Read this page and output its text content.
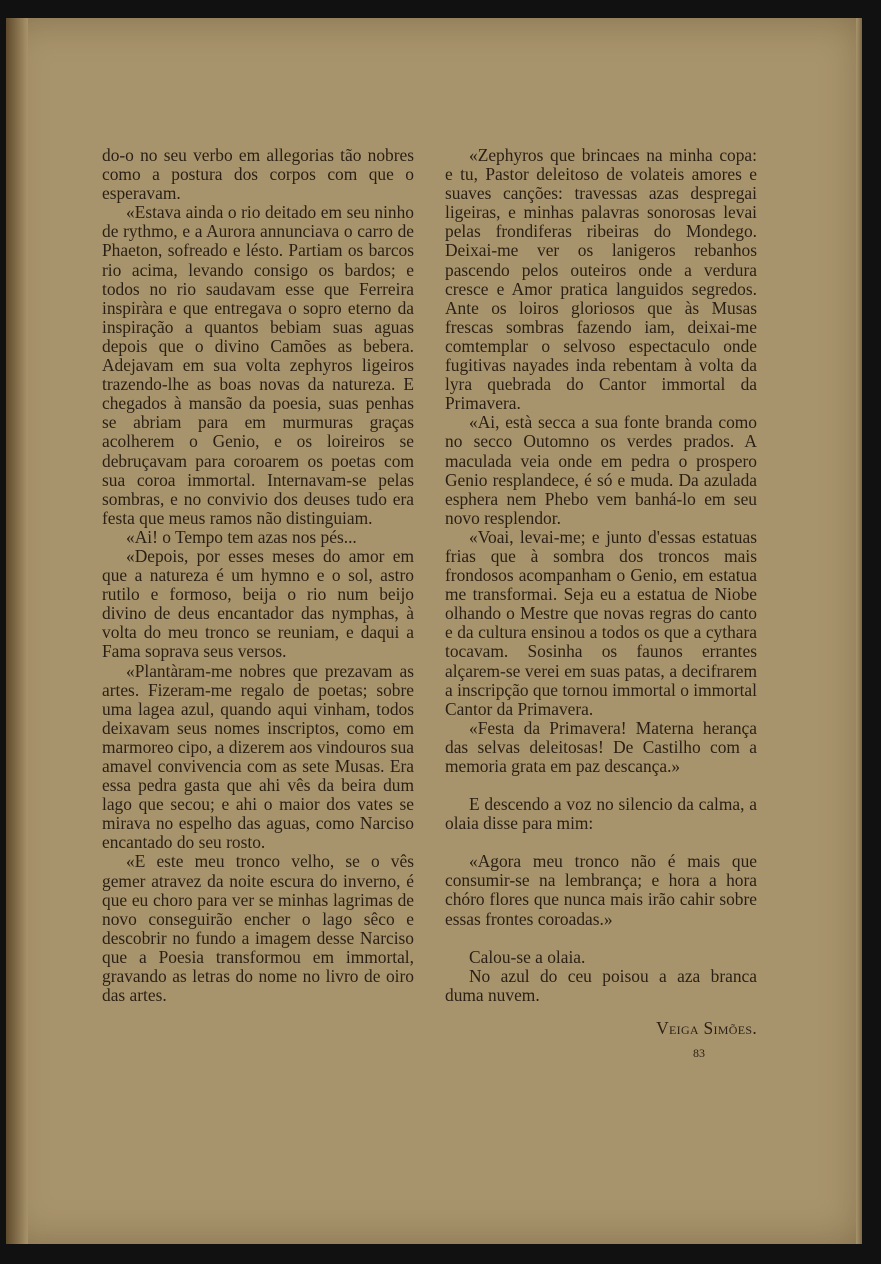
do-o no seu verbo em allegorias tão nobres como a postura dos corpos com que o esperavam.

«Estava ainda o rio deitado em seu ninho de rythmo, e a Aurora annunciava o carro de Phaeton, sofreado e lésto. Partiam os barcos rio acima, levando consigo os bardos; e todos no rio saudavam esse que Ferreira inspiràra e que entregava o sopro eterno da inspiração a quantos bebiam suas aguas depois que o divino Camões as bebera. Adejavam em sua volta zephyros ligeiros trazendo-lhe as boas novas da natureza. E chegados à mansão da poesia, suas penhas se abriam para em murmuras graças acolherem o Genio, e os loireiros se debruçavam para coroarem os poetas com sua coroa immortal. Internavam-se pelas sombras, e no convivio dos deuses tudo era festa que meus ramos não distinguiam.

«Ai! o Tempo tem azas nos pés...

«Depois, por esses meses do amor em que a natureza é um hymno e o sol, astro rutilo e formoso, beija o rio num beijo divino de deus encantador das nymphas, à volta do meu tronco se reuniam, e daqui a Fama soprava seus versos.

«Plantàram-me nobres que prezavam as artes. Fizeram-me regalo de poetas; sobre uma lagea azul, quando aqui vinham, todos deixavam seus nomes inscriptos, como em marmoreo cipo, a dizerem aos vindouros sua amavel convivencia com as sete Musas. Era essa pedra gasta que ahi vês da beira dum lago que secou; e ahi o maior dos vates se mirava no espelho das aguas, como Narciso encantado do seu rosto.

«E este meu tronco velho, se o vês gemer atravez da noite escura do inverno, é que eu choro para ver se minhas lagrimas de novo conseguirão encher o lago sêco e descobrir no fundo a imagem desse Narciso que a Poesia transformou em immortal, gravando as letras do nome no livro de oiro das artes.

«Zephyros que brincaes na minha copa: e tu, Pastor deleitoso de volateis amores e suaves canções: travessas azas despregai ligeiras, e minhas palavras sonorosas levai pelas frondiferas ribeiras do Mondego. Deixai-me ver os lanigeros rebanhos pascendo pelos outeiros onde a verdura cresce e Amor pratica languidos segredos. Ante os loiros gloriosos que às Musas frescas sombras fazendo iam, deixai-me comtemplar o selvoso espectaculo onde fugitivas nayades inda rebentam à volta da lyra quebrada do Cantor immortal da Primavera.

«Ai, està secca a sua fonte branda como no secco Outomno os verdes prados. A maculada veia onde em pedra o prospero Genio resplandece, é só e muda. Da azulada esphera nem Phebo vem banhá-lo em seu novo resplendor.

«Voai, levai-me; e junto d'essas estatuas frias que à sombra dos troncos mais frondosos acompanham o Genio, em estatua me transformai. Seja eu a estatua de Niobe olhando o Mestre que novas regras do canto e da cultura ensinou a todos os que a cythara tocavam. Sosinha os faunos errantes alçarem-se verei em suas patas, a decifrarem a inscripção que tornou immortal o immortal Cantor da Primavera.

«Festa da Primavera! Materna herança das selvas deleitosas! De Castilho com a memoria grata em paz descança.»

E descendo a voz no silencio da calma, a olaia disse para mim:

«Agora meu tronco não é mais que consumir-se na lembrança; e hora a hora chóro flores que nunca mais irão cahir sobre essas frontes coroadas.»

Calou-se a olaia.

No azul do ceu poisou a aza branca duma nuvem.

Veiga Simões.
83
